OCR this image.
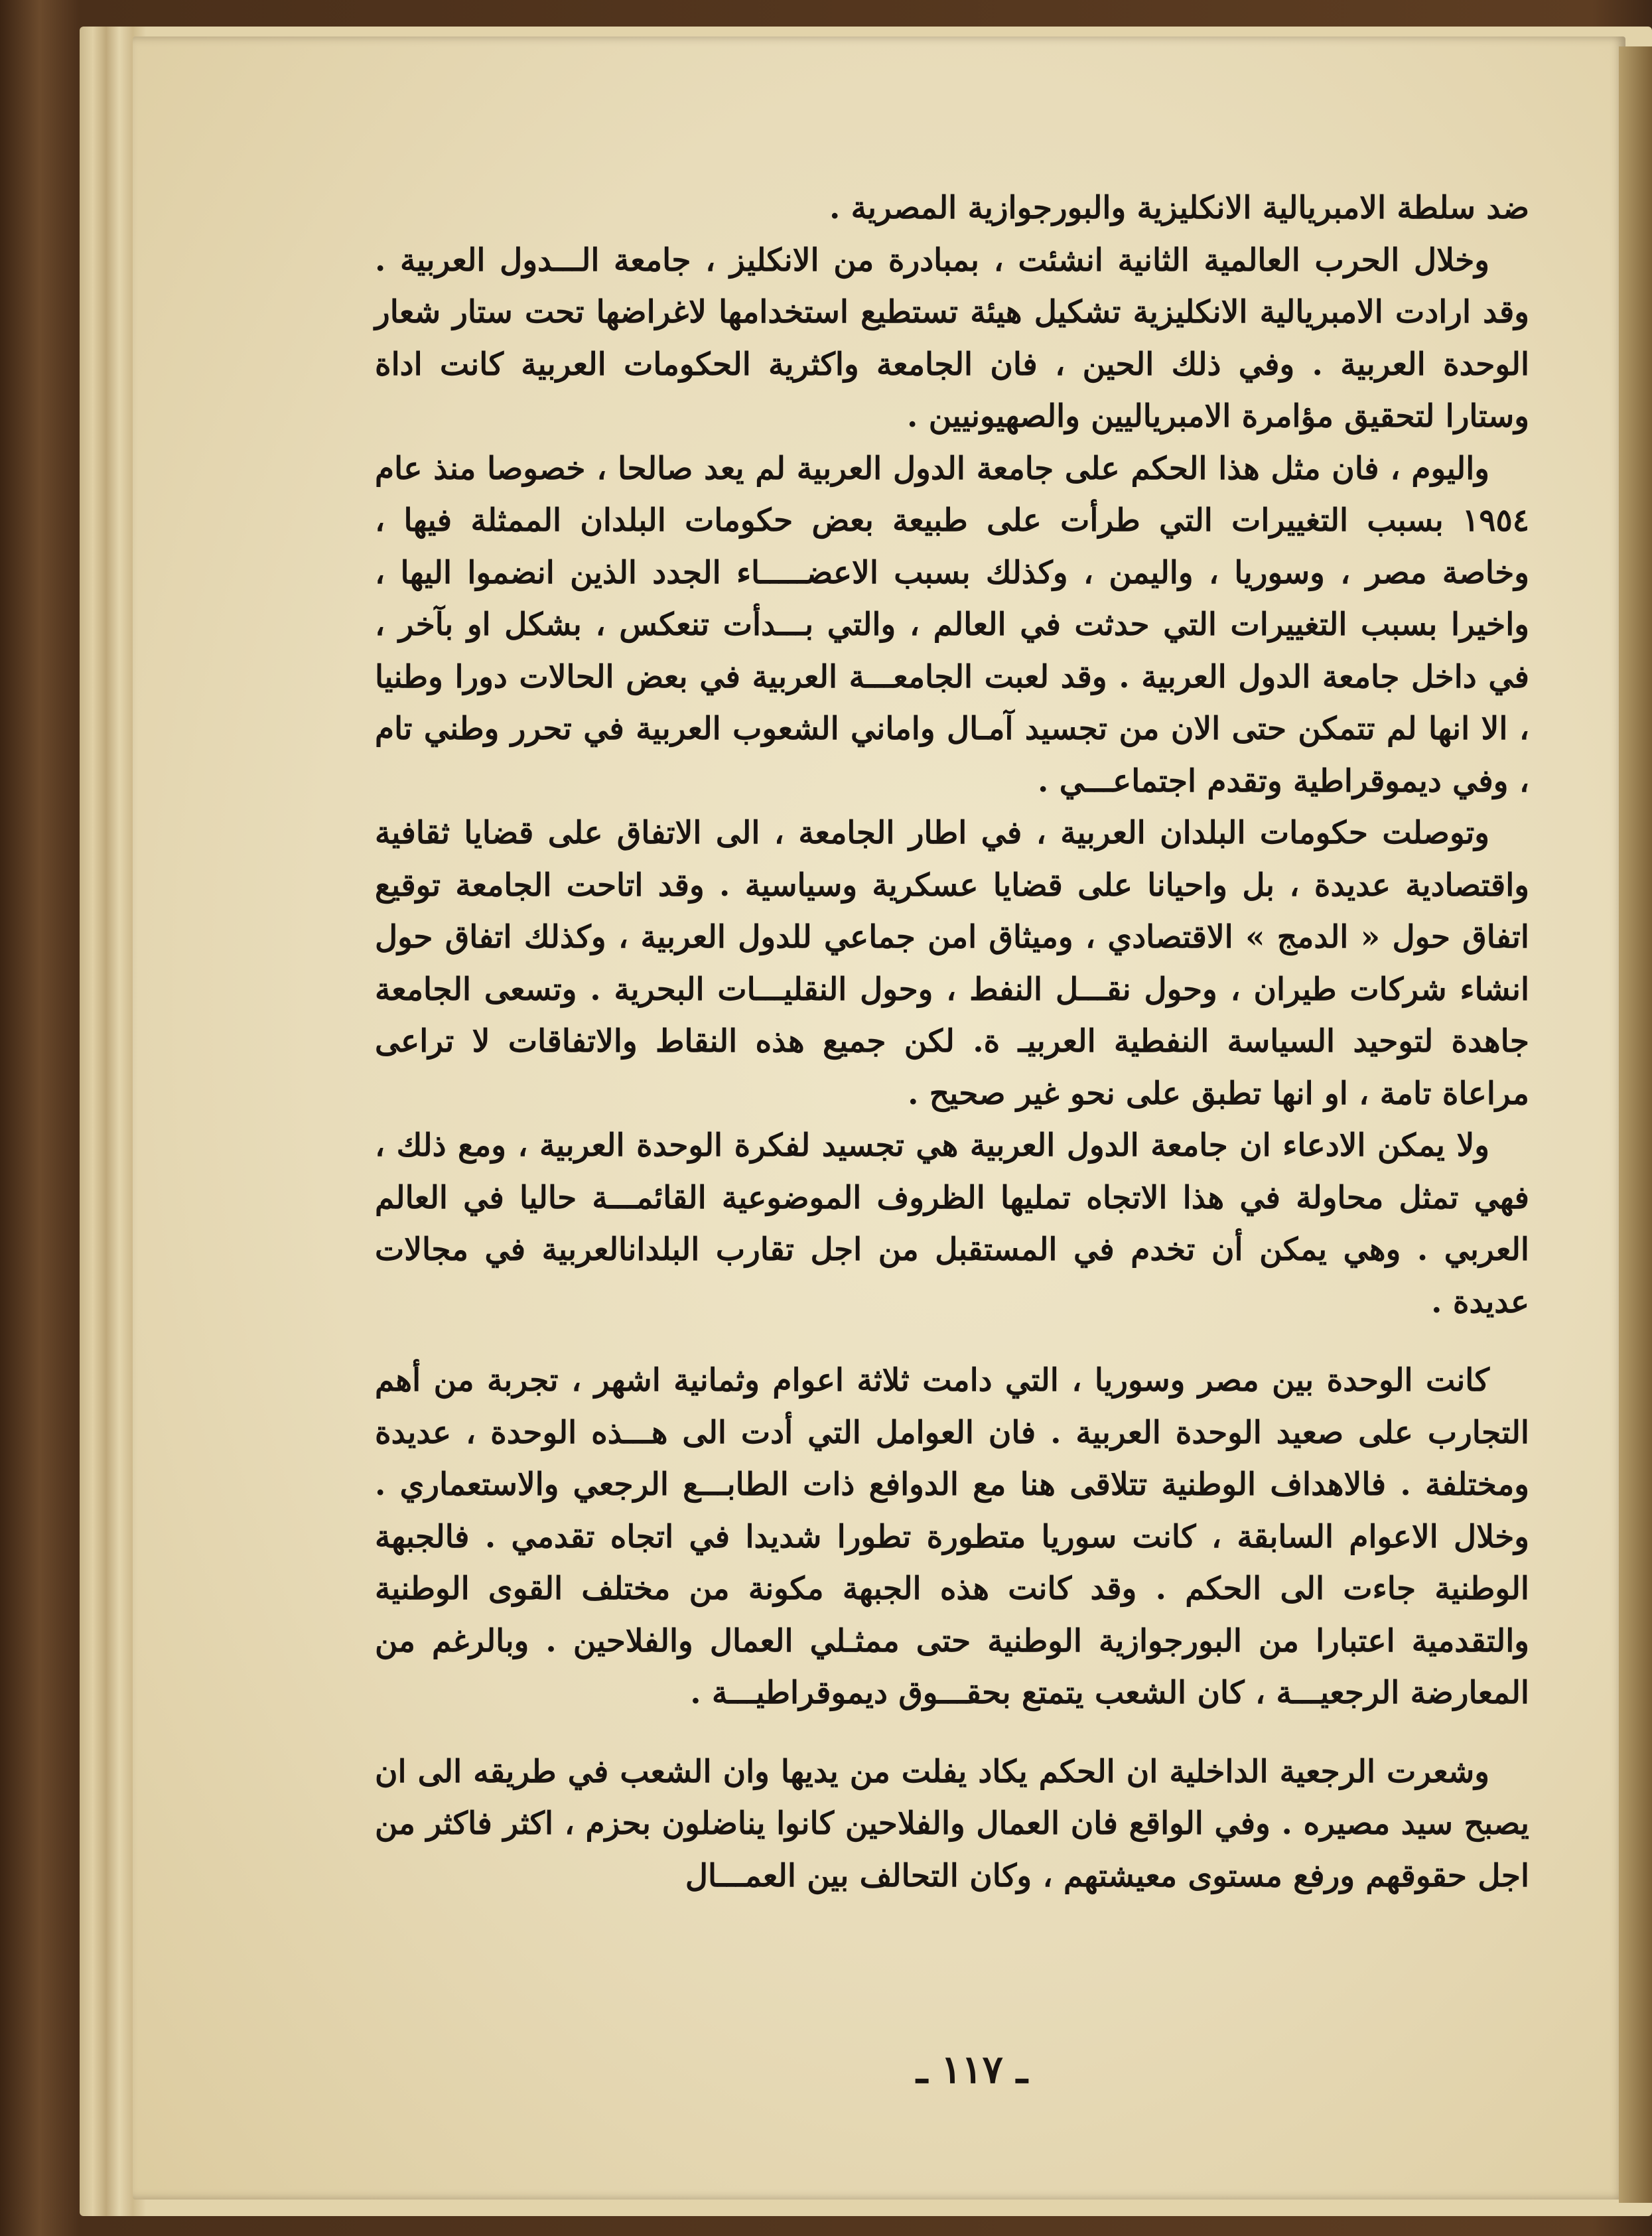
ضد سلطة الامبريالية الانكليزية والبورجوازية المصرية .

وخلال الحرب العالمية الثانية انشئت ، بمبادرة من الانكليز ، جامعة الـــدول العربية . وقد ارادت الامبريالية الانكليزية تشكيل هيئة تستطيع استخدامها لاغراضها تحت ستار شعار الوحدة العربية . وفي ذلك الحين ، فان الجامعة واكثرية الحكومات العربية كانت اداة وستارا لتحقيق مؤامرة الامبرياليين والصهيونيين .

واليوم ، فان مثل هذا الحكم على جامعة الدول العربية لم يعد صالحا ، خصوصا منذ عام ١٩٥٤ بسبب التغييرات التي طرأت على طبيعة بعض حكومات البلدان الممثلة فيها ، وخاصة مصر ، وسوريا ، واليمن ، وكذلك بسبب الاعضـــــاء الجدد الذين انضموا اليها ، واخيرا بسبب التغييرات التي حدثت في العالم ، والتي بـــدأت تنعكس ، بشكل او بآخر ، في داخل جامعة الدول العربية . وقد لعبت الجامعـــة العربية في بعض الحالات دورا وطنيا ، الا انها لم تتمكن حتى الان من تجسيد آمـال واماني الشعوب العربية في تحرر وطني تام ، وفي ديموقراطية وتقدم اجتماعـــي .

وتوصلت حكومات البلدان العربية ، في اطار الجامعة ، الى الاتفاق على قضايا ثقافية واقتصادية عديدة ، بل واحيانا على قضايا عسكرية وسياسية . وقد اتاحت الجامعة توقيع اتفاق حول « الدمج » الاقتصادي ، وميثاق امن جماعي للدول العربية ، وكذلك اتفاق حول انشاء شركات طيران ، وحول نقـــل النفط ، وحول النقليـــات البحرية . وتسعى الجامعة جاهدة لتوحيد السياسة النفطية العربيـ ة. لكن جميع هذه النقاط والاتفاقات لا تراعى مراعاة تامة ، او انها تطبق على نحو غير صحيح .

ولا يمكن الادعاء ان جامعة الدول العربية هي تجسيد لفكرة الوحدة العربية ، ومع ذلك ، فهي تمثل محاولة في هذا الاتجاه تمليها الظروف الموضوعية القائمـــة حاليا في العالم العربي . وهي يمكن أن تخدم في المستقبل من اجل تقارب البلدانالعربية في مجالات عديدة .

كانت الوحدة بين مصر وسوريا ، التي دامت ثلاثة اعوام وثمانية اشهر ، تجربة من أهم التجارب على صعيد الوحدة العربية . فان العوامل التي أدت الى هـــذه الوحدة ، عديدة ومختلفة . فالاهداف الوطنية تتلاقى هنا مع الدوافع ذات الطابـــع الرجعي والاستعماري . وخلال الاعوام السابقة ، كانت سوريا متطورة تطورا شديدا في اتجاه تقدمي . فالجبهة الوطنية جاءت الى الحكم . وقد كانت هذه الجبهة مكونة من مختلف القوى الوطنية والتقدمية اعتبارا من البورجوازية الوطنية حتى ممثـلي العمال والفلاحين . وبالرغم من المعارضة الرجعيـــة ، كان الشعب يتمتع بحقـــوق ديموقراطيـــة .

وشعرت الرجعية الداخلية ان الحكم يكاد يفلت من يديها وان الشعب في طريقه الى ان يصبح سيد مصيره . وفي الواقع فان العمال والفلاحين كانوا يناضلون بحزم ، اكثر فاكثر من اجل حقوقهم ورفع مستوى معيشتهم ، وكان التحالف بين العمـــال

ـ ١١٧ ـ
